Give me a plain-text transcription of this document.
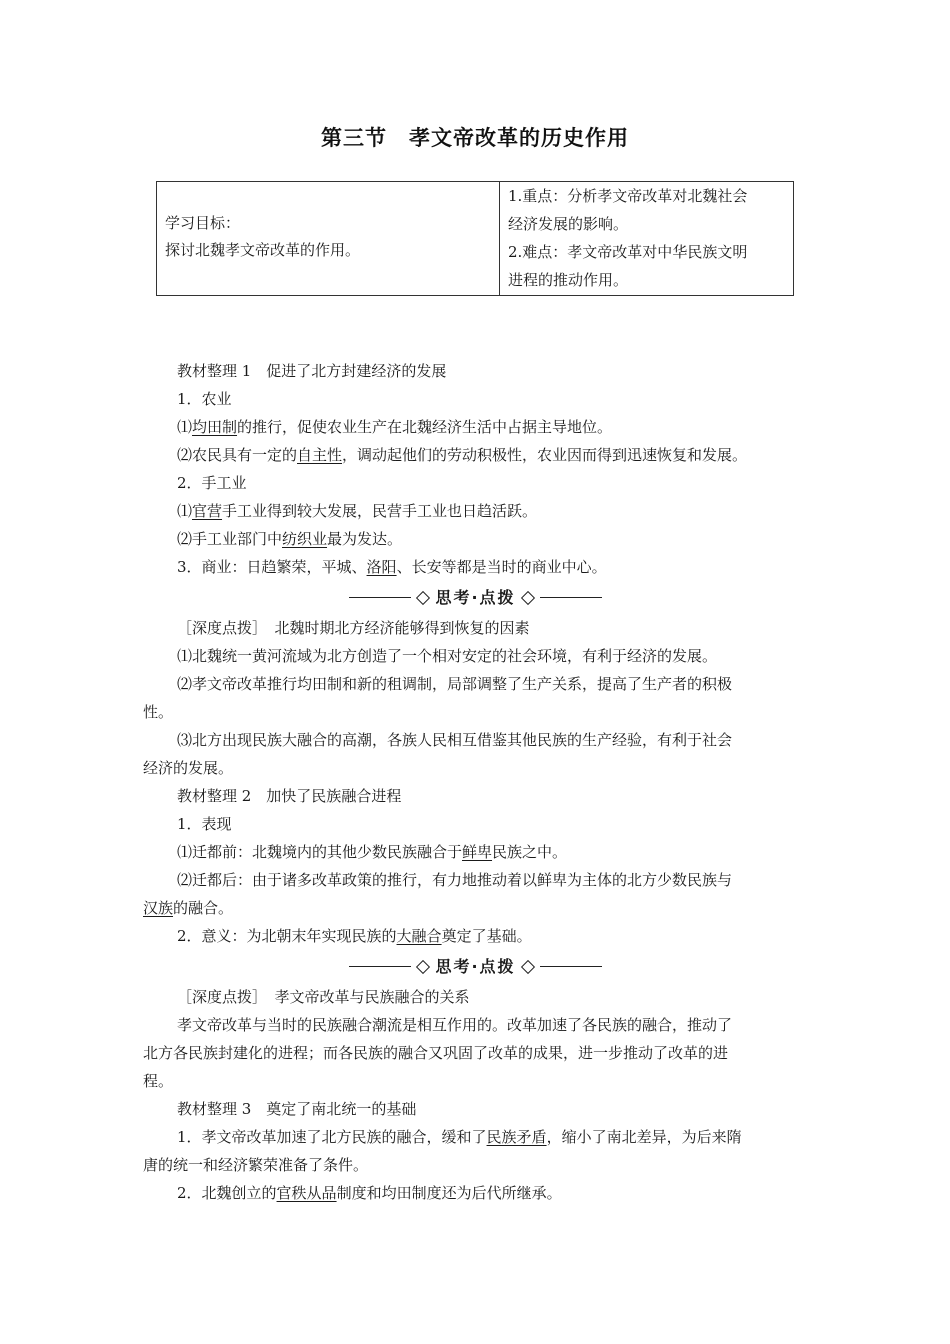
第三节　孝文帝改革的历史作用
学习目标：
探讨北魏孝文帝改革的作用。
1.重点：分析孝文帝改革对北魏社会
经济发展的影响。
2.难点：孝文帝改革对中华民族文明
进程的推动作用。

教材整理 1　促进了北方封建经济的发展

1．农业

⑴均田制的推行，促使农业生产在北魏经济生活中占据主导地位。

⑵农民具有一定的自主性，调动起他们的劳动积极性，农业因而得到迅速恢复和发展。

2．手工业

⑴官营手工业得到较大发展，民营手工业也日趋活跃。

⑵手工业部门中纺织业最为发达。

3．商业：日趋繁荣，平城、洛阳、长安等都是当时的商业中心。

思考·点拨

［深度点拨］　北魏时期北方经济能够得到恢复的因素

⑴北魏统一黄河流域为北方创造了一个相对安定的社会环境，有利于经济的发展。

⑵孝文帝改革推行均田制和新的租调制，局部调整了生产关系，提高了生产者的积极

性。

⑶北方出现民族大融合的高潮，各族人民相互借鉴其他民族的生产经验，有利于社会

经济的发展。

教材整理 2　加快了民族融合进程

1．表现

⑴迁都前：北魏境内的其他少数民族融合于鲜卑民族之中。

⑵迁都后：由于诸多改革政策的推行，有力地推动着以鲜卑为主体的北方少数民族与

汉族的融合。

2．意义：为北朝末年实现民族的大融合奠定了基础。

思考·点拨

［深度点拨］　孝文帝改革与民族融合的关系

孝文帝改革与当时的民族融合潮流是相互作用的。改革加速了各民族的融合，推动了

北方各民族封建化的进程；而各民族的融合又巩固了改革的成果，进一步推动了改革的进

程。

教材整理 3　奠定了南北统一的基础

1．孝文帝改革加速了北方民族的融合，缓和了民族矛盾，缩小了南北差异，为后来隋

唐的统一和经济繁荣准备了条件。

2．北魏创立的官秩从品制度和均田制度还为后代所继承。
